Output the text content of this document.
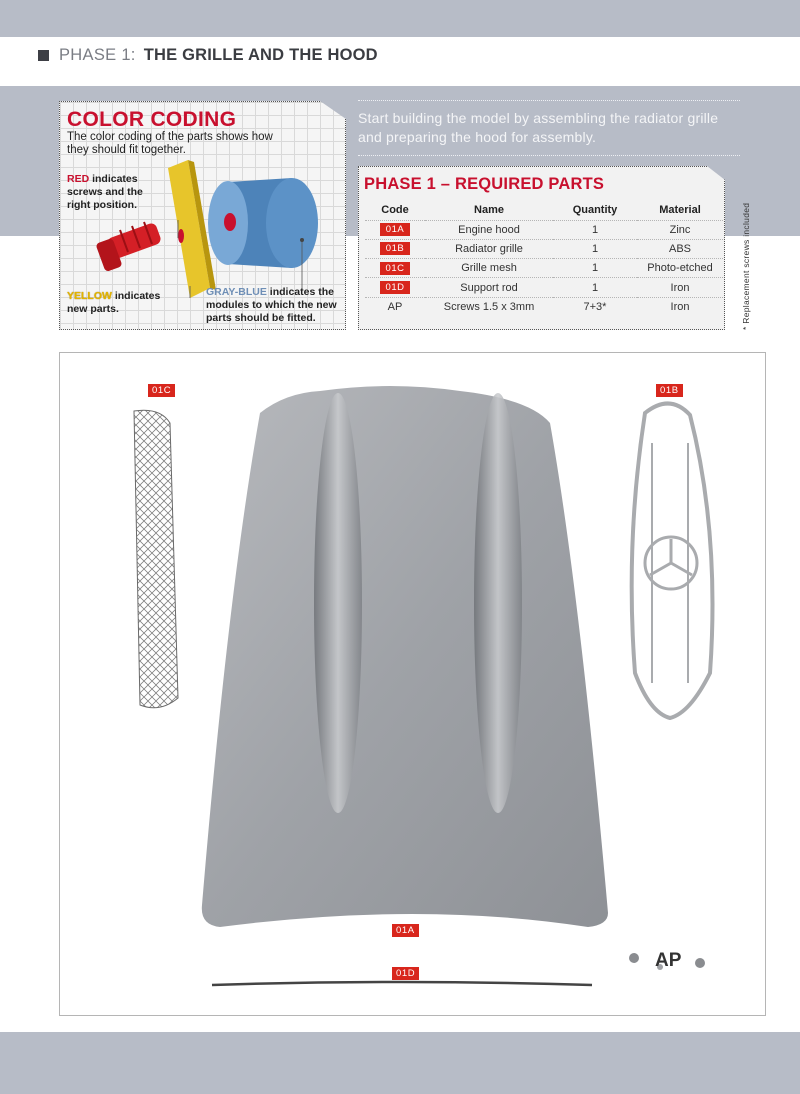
PHASE 1: THE GRILLE AND THE HOOD
COLOR CODING
The color coding of the parts shows how they should fit together.
RED indicates screws and the right position.
YELLOW indicates new parts.
GRAY-BLUE indicates the modules to which the new parts should be fitted.
Start building the model by assembling the radiator grille and preparing the hood for assembly.
PHASE 1 – REQUIRED PARTS
Code	Name	Quantity	Material
01A	Engine hood	1	Zinc
01B	Radiator grille	1	ABS
01C	Grille mesh	1	Photo-etched
01D	Support rod	1	Iron
AP	Screws 1.5 x 3mm	7+3*	Iron	* Replacement screws included
AP
01C	01B
01A
01D
